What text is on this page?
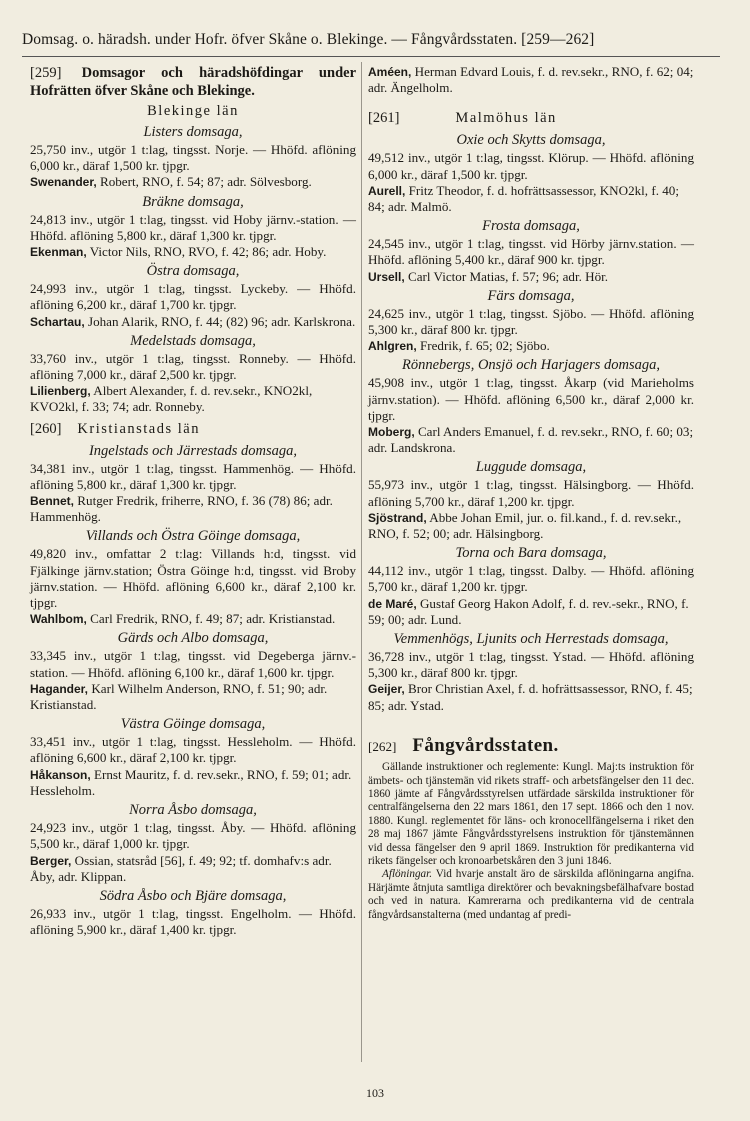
Domsag. o. häradsh. under Hofr. öfver Skåne o. Blekinge. — Fångvårdsstaten. [259—262]

[259] Domsagor och häradshöfdingar under Hofrätten öfver Skåne och Blekinge.

Blekinge län
Listers domsaga,

25,750 inv., utgör 1 t:lag, tingsst. Norje. — Hhöfd. aflöning 6,000 kr., däraf 1,500 kr. tjpgr.

Swenander, Robert, RNO, f. 54; 87; adr. Sölvesborg.

Bräkne domsaga,

24,813 inv., utgör 1 t:lag, tingsst. vid Hoby järnv.-station. — Hhöfd. aflöning 5,800 kr., däraf 1,300 kr. tjpgr.

Ekenman, Victor Nils, RNO, RVO, f. 42; 86; adr. Hoby.

Östra domsaga,

24,993 inv., utgör 1 t:lag, tingsst. Lyckeby. — Hhöfd. aflöning 6,200 kr., däraf 1,700 kr. tjpgr.

Schartau, Johan Alarik, RNO, f. 44; (82) 96; adr. Karlskrona.

Medelstads domsaga,

33,760 inv., utgör 1 t:lag, tingsst. Ronneby. — Hhöfd. aflöning 7,000 kr., däraf 2,500 kr. tjpgr.

Lilienberg, Albert Alexander, f. d. rev.sekr., KNO2kl, KVO2kl, f. 33; 74; adr. Ronneby.

[260] Kristianstads län
Ingelstads och Järrestads domsaga,

34,381 inv., utgör 1 t:lag, tingsst. Hammenhög. — Hhöfd. aflöning 5,800 kr., däraf 1,300 kr. tjpgr.

Bennet, Rutger Fredrik, friherre, RNO, f. 36 (78) 86; adr. Hammenhög.

Villands och Östra Göinge domsaga,

49,820 inv., omfattar 2 t:lag: Villands h:d, tingsst. vid Fjälkinge järnv.station; Östra Göinge h:d, tingsst. vid Broby järnv.station. — Hhöfd. aflöning 6,600 kr., däraf 2,100 kr. tjpgr.

Wahlbom, Carl Fredrik, RNO, f. 49; 87; adr. Kristianstad.

Gärds och Albo domsaga,

33,345 inv., utgör 1 t:lag, tingsst. vid Degeberga järnv.-station. — Hhöfd. aflöning 6,100 kr., däraf 1,600 kr. tjpgr.

Hagander, Karl Wilhelm Anderson, RNO, f. 51; 90; adr. Kristianstad.

Västra Göinge domsaga,

33,451 inv., utgör 1 t:lag, tingsst. Hessleholm. — Hhöfd. aflöning 6,600 kr., däraf 2,100 kr. tjpgr.

Håkanson, Ernst Mauritz, f. d. rev.sekr., RNO, f. 59; 01; adr. Hessleholm.

Norra Åsbo domsaga,

24,923 inv., utgör 1 t:lag, tingsst. Åby. — Hhöfd. aflöning 5,500 kr., däraf 1,000 kr. tjpgr.

Berger, Ossian, statsråd [56], f. 49; 92; tf. domhafv:s adr. Åby, adr. Klippan.

Södra Åsbo och Bjäre domsaga,

26,933 inv., utgör 1 t:lag, tingsst. Engelholm. — Hhöfd. aflöning 5,900 kr., däraf 1,400 kr. tjpgr.

Améen, Herman Edvard Louis, f. d. rev.sekr., RNO, f. 62; 04; adr. Ängelholm.

[261]	Malmöhus län
Oxie och Skytts domsaga,

49,512 inv., utgör 1 t:lag, tingsst. Klörup. — Hhöfd. aflöning 6,000 kr., däraf 1,500 kr. tjpgr.

Aurell, Fritz Theodor, f. d. hofrättsassessor, KNO2kl, f. 40; 84; adr. Malmö.

Frosta domsaga,

24,545 inv., utgör 1 t:lag, tingsst. vid Hörby järnv.station. — Hhöfd. aflöning 5,400 kr., däraf 900 kr. tjpgr.

Ursell, Carl Victor Matias, f. 57; 96; adr. Hör.

Färs domsaga,

24,625 inv., utgör 1 t:lag, tingsst. Sjöbo. — Hhöfd. aflöning 5,300 kr., däraf 800 kr. tjpgr.

Ahlgren, Fredrik, f. 65; 02; Sjöbo.

Rönnebergs, Onsjö och Harjagers domsaga,

45,908 inv., utgör 1 t:lag, tingsst. Åkarp (vid Marieholms järnv.station). — Hhöfd. aflöning 6,500 kr., däraf 2,000 kr. tjpgr.

Moberg, Carl Anders Emanuel, f. d. rev.sekr., RNO, f. 60; 03; adr. Landskrona.

Luggude domsaga,

55,973 inv., utgör 1 t:lag, tingsst. Hälsingborg. — Hhöfd. aflöning 5,700 kr., däraf 1,200 kr. tjpgr.

Sjöstrand, Abbe Johan Emil, jur. o. fil.kand., f. d. rev.sekr., RNO, f. 52; 00; adr. Hälsingborg.

Torna och Bara domsaga,

44,112 inv., utgör 1 t:lag, tingsst. Dalby. — Hhöfd. aflöning 5,700 kr., däraf 1,200 kr. tjpgr.

de Maré, Gustaf Georg Hakon Adolf, f. d. rev.-sekr., RNO, f. 59; 00; adr. Lund.

Vemmenhögs, Ljunits och Herrestads domsaga,

36,728 inv., utgör 1 t:lag, tingsst. Ystad. — Hhöfd. aflöning 5,300 kr., däraf 800 kr. tjpgr.

Geijer, Bror Christian Axel, f. d. hofrättsassessor, RNO, f. 45; 85; adr. Ystad.

[262] Fångvårdsstaten.

Gällande instruktioner och reglemente: Kungl. Maj:ts instruktion för ämbets- och tjänstemän vid rikets straff- och arbetsfängelser den 11 dec. 1860 jämte af Fångvårdsstyrelsen utfärdade särskilda instruktioner för centralfängelserna den 22 mars 1861, den 17 sept. 1866 och den 1 nov. 1880. Kungl. reglementet för läns- och kronocellfängelserna i riket den 28 maj 1867 jämte Fångvårdsstyrelsens instruktion för tjänstemännen vid dessa fängelser den 9 april 1869. Instruktion för predikanterna vid rikets fängelser och kronoarbetskåren den 3 juni 1846.

Aflöningar. Vid hvarje anstalt äro de särskilda aflöningarna angifna. Härjämte åtnjuta samtliga direktörer och bevakningsbefälhafvare bostad och ved in natura. Kamrerarna och predikanterna vid de centrala fångvårdsanstalterna (med undantag af predi-

103
